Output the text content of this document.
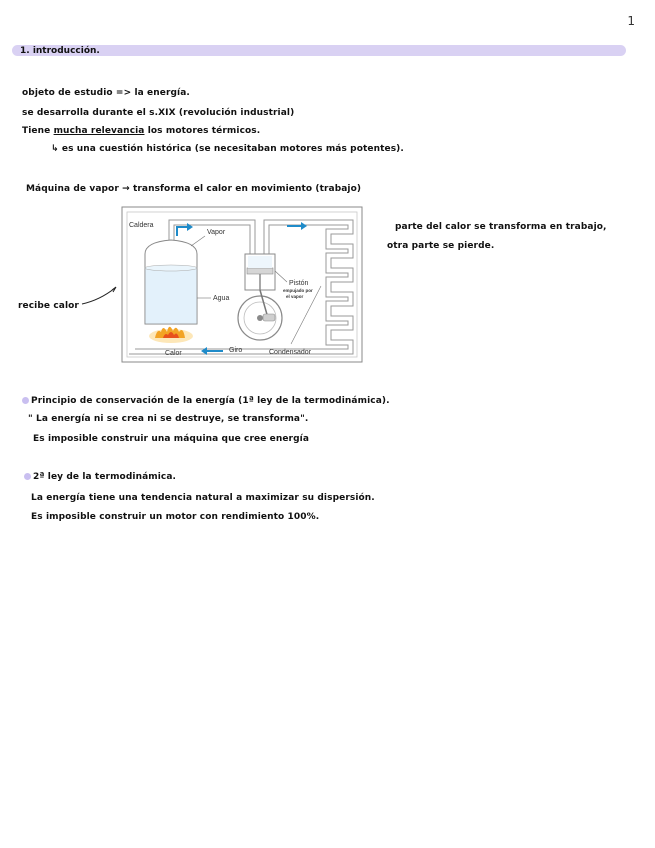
1
1. introducción.
objeto de estudio => la energía.
se desarrolla durante el s.XIX (revolución industrial)
Tiene mucha relevancia los motores térmicos.
↳ es una cuestión histórica (se necesitaban motores más potentes).
Máquina de vapor → transforma el calor en movimiento (trabajo)
parte del calor se transforma en trabajo,
otra parte se pierde.
recibe calor
Caldera
Vapor
Agua
Pistón
empujado por
el vapor
Giro
Calor	Condensador
Principio de conservación de la energía (1ª ley de la termodinámica).
" La energía ni se crea ni se destruye, se transforma".
Es imposible construir una máquina que cree energía
2ª ley de la termodinámica.
La energía tiene una tendencia natural a maximizar su dispersión.
Es imposible construir un motor con rendimiento 100%.
